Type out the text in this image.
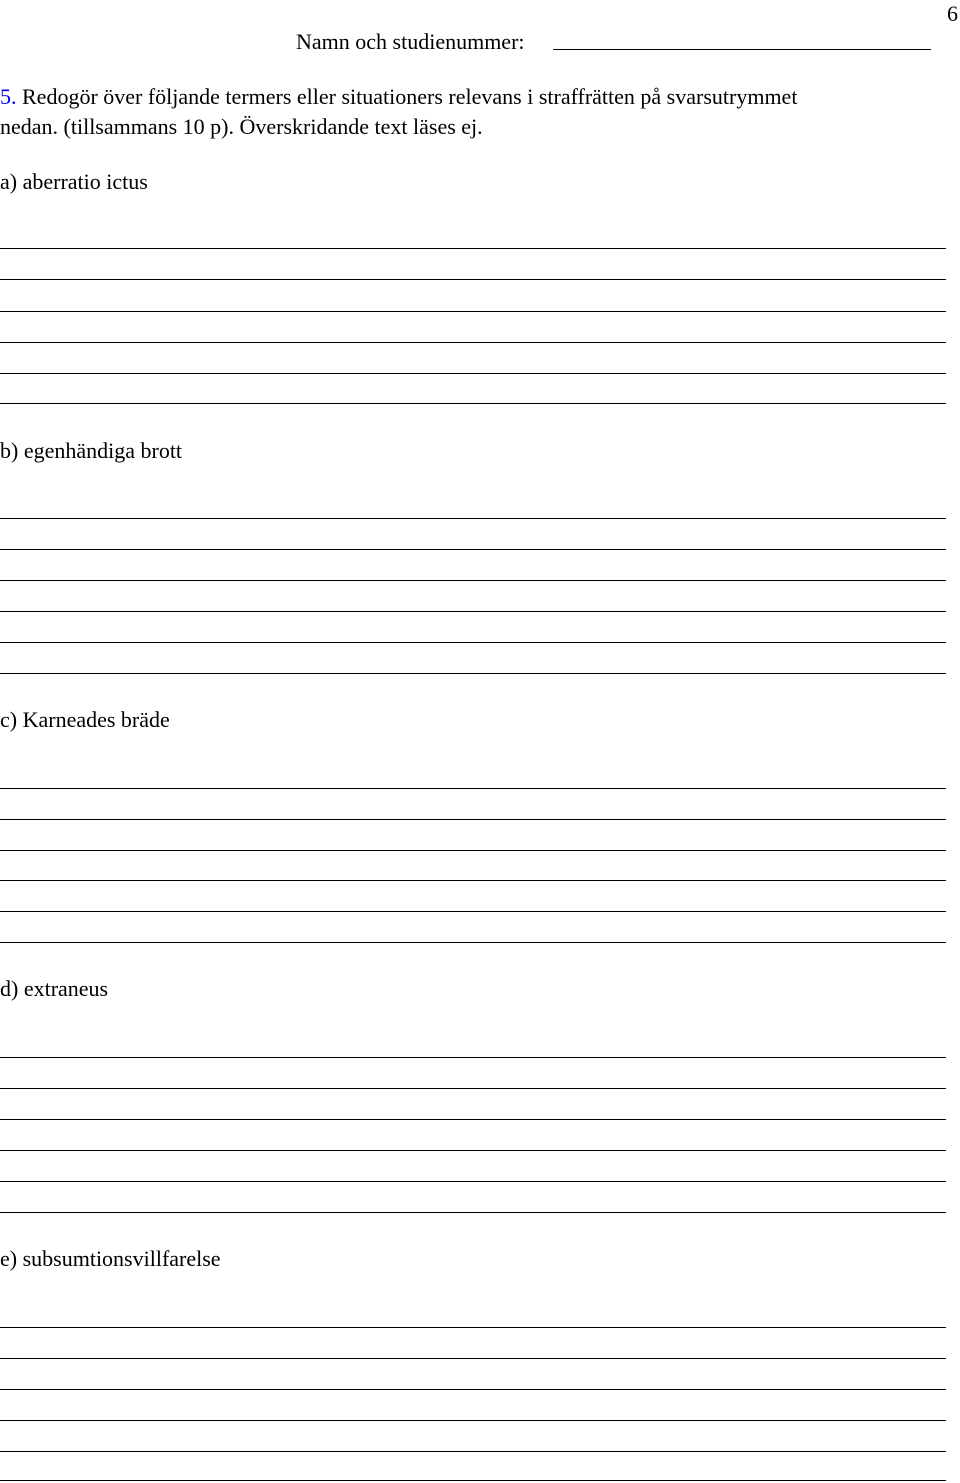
6
Namn och studienummer:
5. Redogör över följande termers eller situationers relevans i straffrätten på svarsutrymmet
nedan. (tillsammans 10 p). Överskridande text läses ej.
a) aberratio ictus
b) egenhändiga brott
c) Karneades bräde
d) extraneus
e) subsumtionsvillfarelse
